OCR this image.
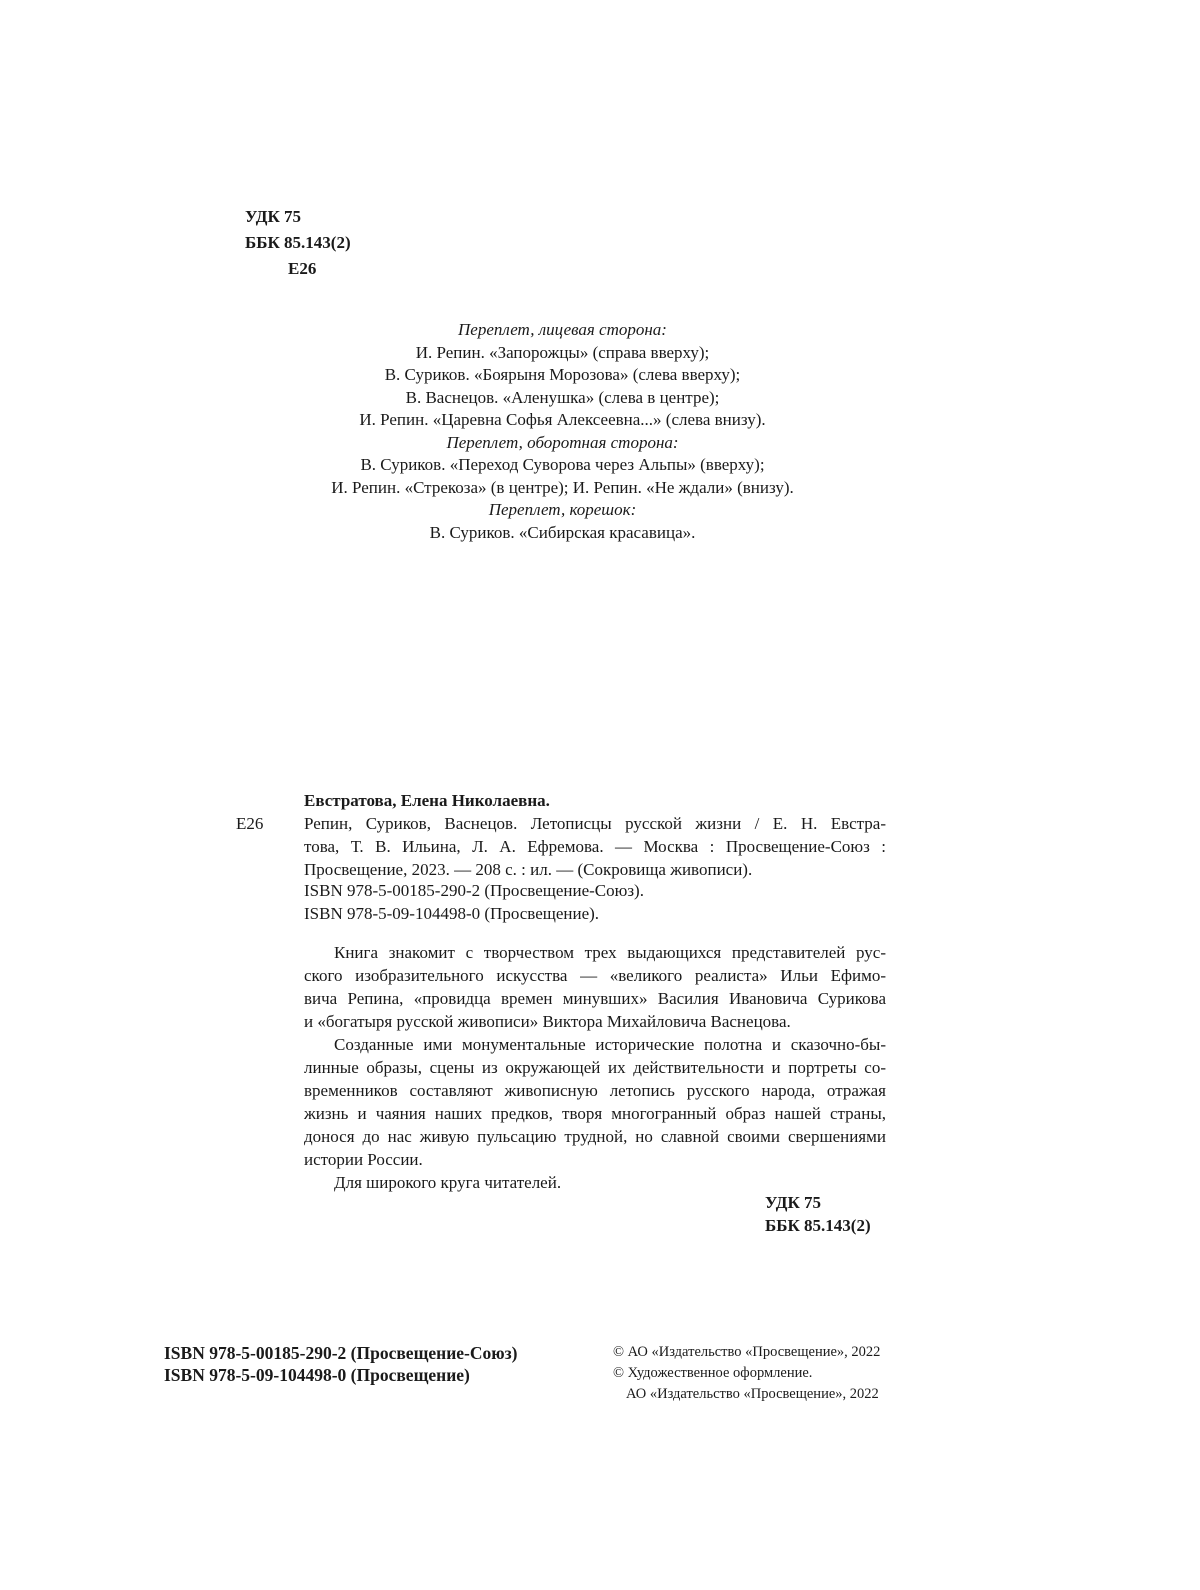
УДК 75
ББК 85.143(2)
Е26
Переплет, лицевая сторона:
И. Репин. «Запорожцы» (справа вверху);
В. Суриков. «Боярыня Морозова» (слева вверху);
В. Васнецов. «Аленушка» (слева в центре);
И. Репин. «Царевна Софья Алексеевна...» (слева внизу).
Переплет, оборотная сторона:
В. Суриков. «Переход Суворова через Альпы» (вверху);
И. Репин. «Стрекоза» (в центре); И. Репин. «Не ждали» (внизу).
Переплет, корешок:
В. Суриков. «Сибирская красавица».
Е26
Евстратова, Елена Николаевна.
Репин, Суриков, Васнецов. Летописцы русской жизни / Е. Н. Евстра-
това, Т. В. Ильина, Л. А. Ефремова. — Москва : Просвещение-Союз :
Просвещение, 2023. — 208 с. : ил. — (Сокровища живописи).
ISBN 978-5-00185-290-2 (Просвещение-Союз).
ISBN 978-5-09-104498-0 (Просвещение).
Книга знакомит с творчеством трех выдающихся представителей рус-
ского изобразительного искусства — «великого реалиста» Ильи Ефимо-
вича Репина, «провидца времен минувших» Василия Ивановича Сурикова
и «богатыря русской живописи» Виктора Михайловича Васнецова.
Созданные ими монументальные исторические полотна и сказочно-бы-
линные образы, сцены из окружающей их действительности и портреты со-
временников составляют живописную летопись русского народа, отражая
жизнь и чаяния наших предков, творя многогранный образ нашей страны,
донося до нас живую пульсацию трудной, но славной своими свершениями
истории России.
Для широкого круга читателей.
УДК 75
ББК 85.143(2)
ISBN 978-5-00185-290-2 (Просвещение-Союз)
ISBN 978-5-09-104498-0 (Просвещение)
© АО «Издательство «Просвещение», 2022
© Художественное оформление.
АО «Издательство «Просвещение», 2022
